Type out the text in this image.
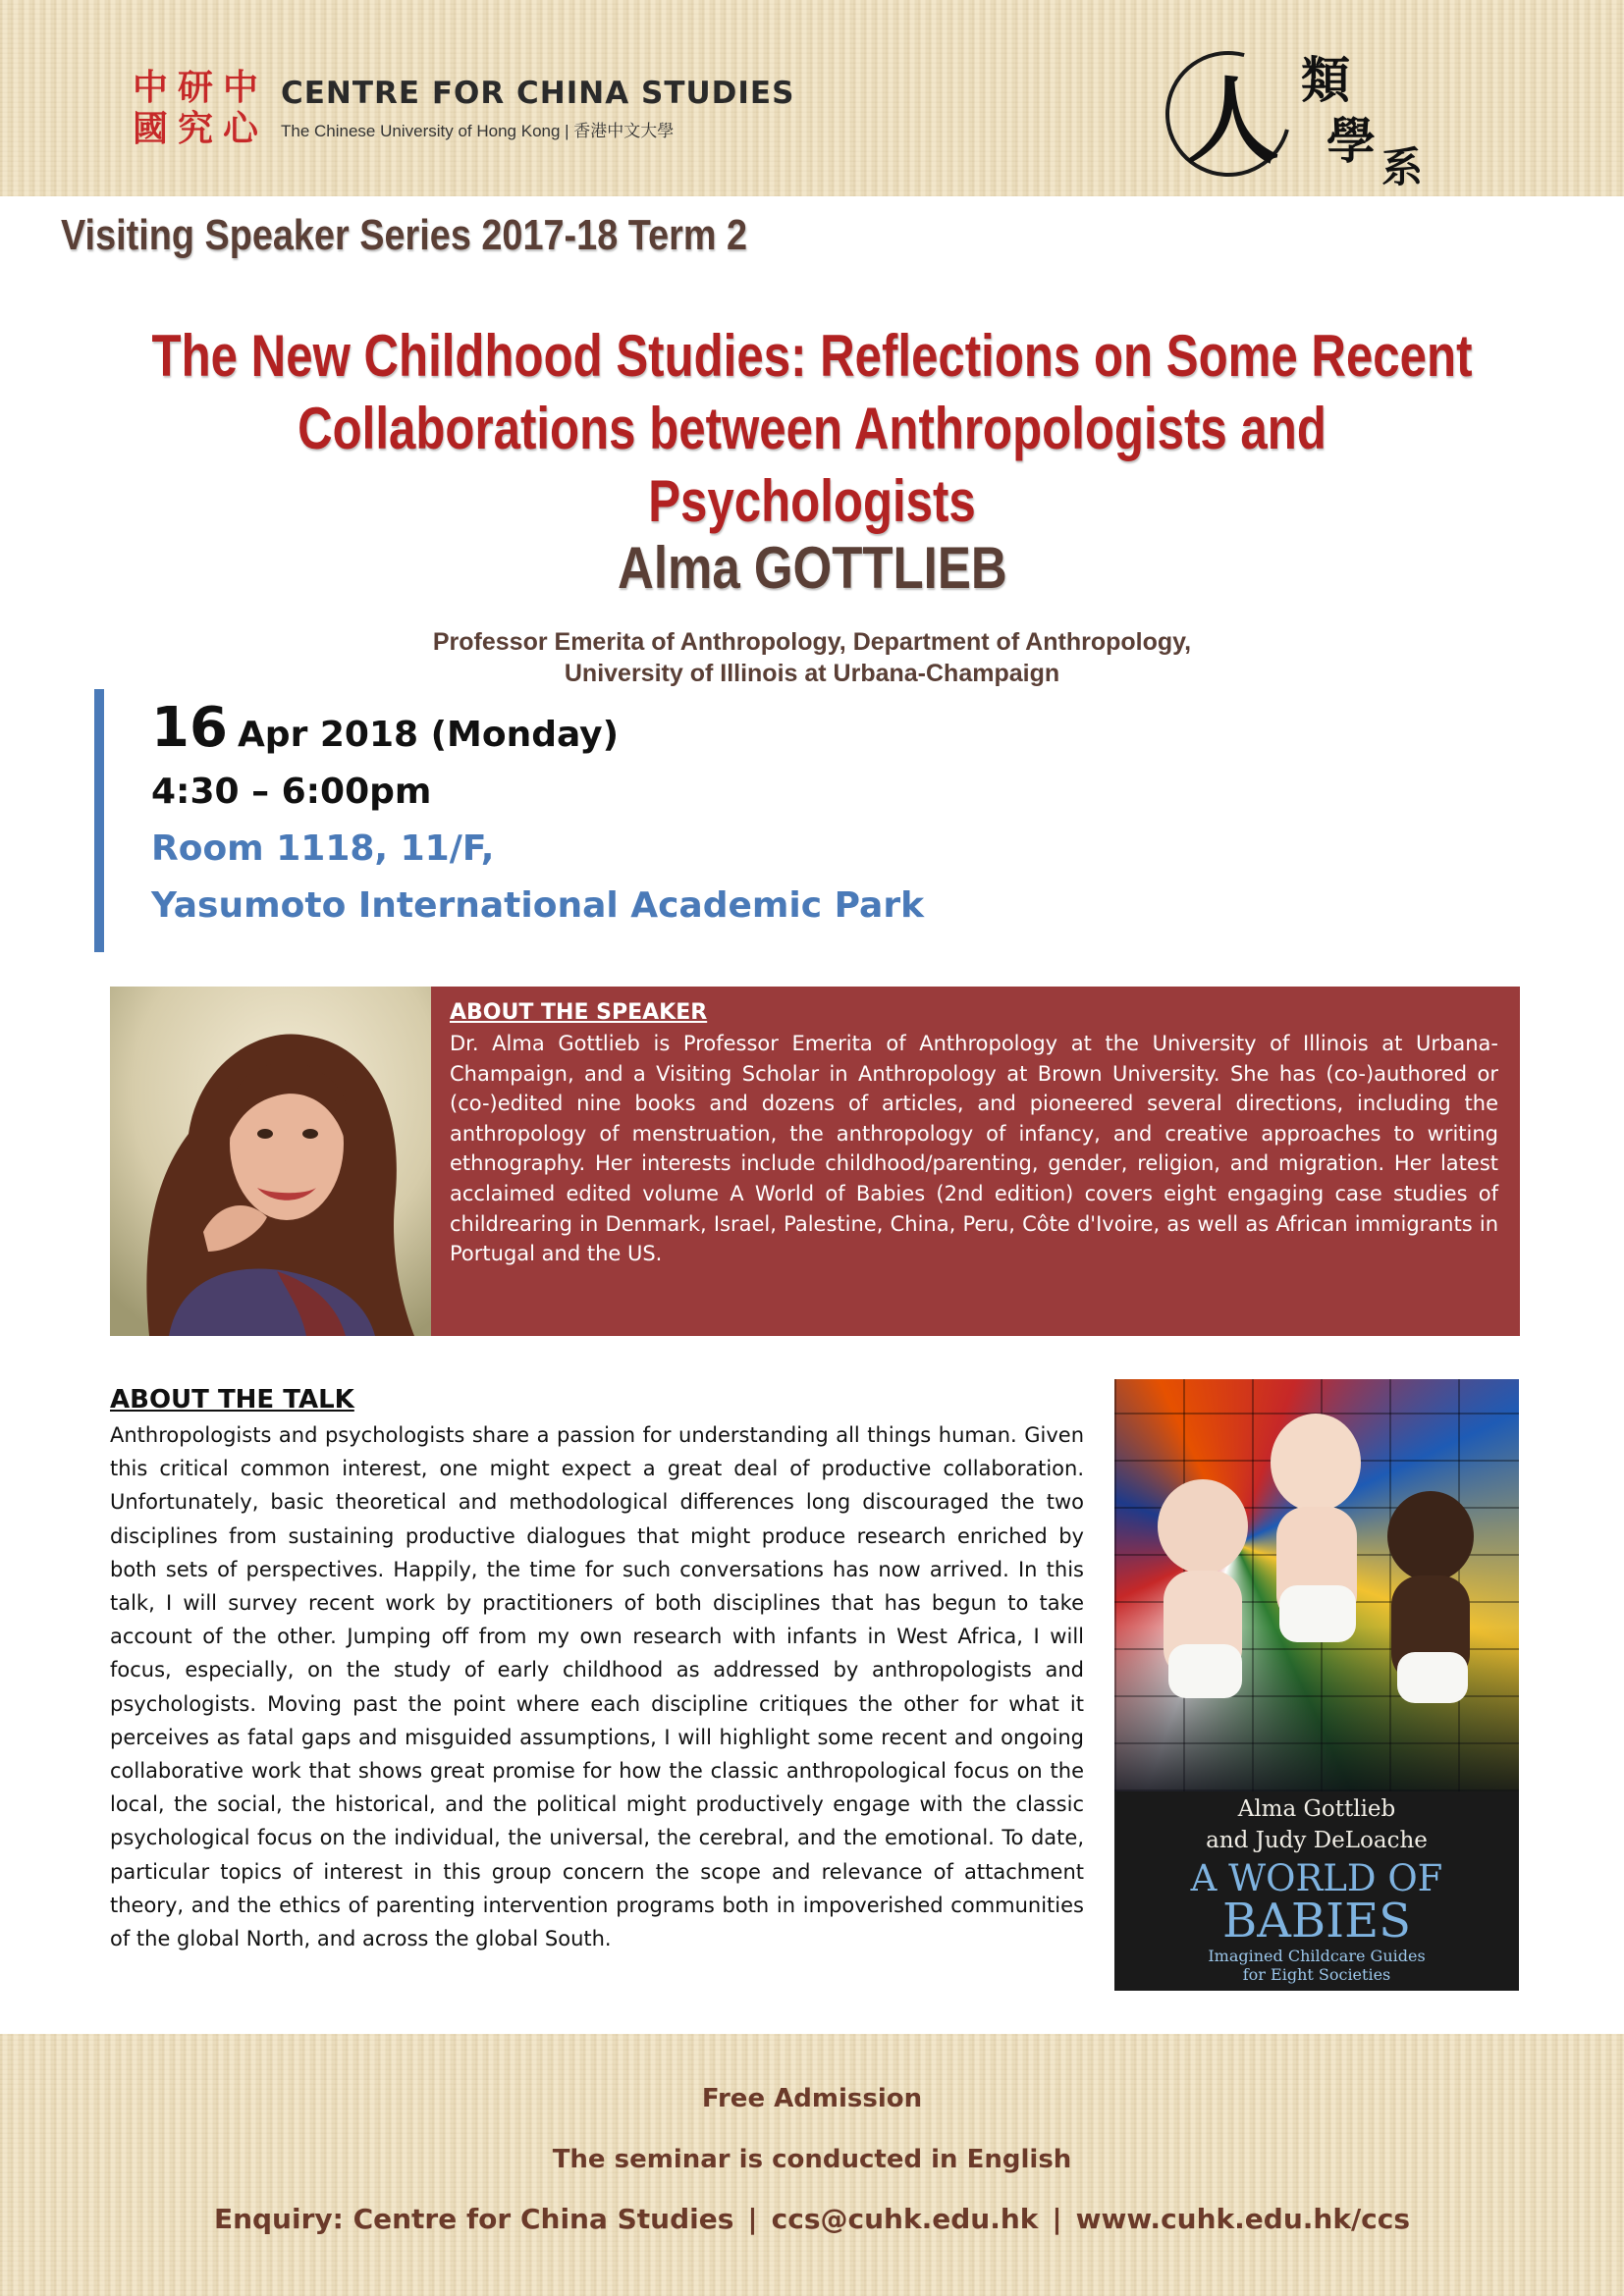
中 研 中
國 究 心
CENTRE FOR CHINA STUDIES
The Chinese University of Hong Kong | 香港中文大學	人 類
學 系
Visiting Speaker Series 2017-18 Term 2
The New Childhood Studies: Reflections on Some Recent
Collaborations between Anthropologists and Psychologists
Alma GOTTLIEB
Professor Emerita of Anthropology, Department of Anthropology,
University of Illinois at Urbana-Champaign
16 Apr 2018 (Monday)
4:30 – 6:00pm
Room 1118, 11/F,
Yasumoto International Academic Park
ABOUT THE SPEAKER
Dr. Alma Gottlieb is Professor Emerita of Anthropology at the University of Illinois at Urbana-Champaign, and a Visiting Scholar in Anthropology at Brown University. She has (co-)authored or (co-)edited nine books and dozens of articles, and pioneered several directions, including the anthropology of menstruation, the anthropology of infancy, and creative approaches to writing ethnography. Her interests include childhood/parenting, gender, religion, and migration. Her latest acclaimed edited volume A World of Babies (2nd edition) covers eight engaging case studies of childrearing in Denmark, Israel, Palestine, China, Peru, Côte d'Ivoire, as well as African immigrants in Portugal and the US.
ABOUT THE TALK
Anthropologists and psychologists share a passion for understanding all things human. Given this critical common interest, one might expect a great deal of productive collaboration. Unfortunately, basic theoretical and methodological differences long discouraged the two disciplines from sustaining productive dialogues that might produce research enriched by both sets of perspectives. Happily, the time for such conversations has now arrived. In this talk, I will survey recent work by practitioners of both disciplines that has begun to take account of the other. Jumping off from my own research with infants in West Africa, I will focus, especially, on the study of early childhood as addressed by anthropologists and psychologists. Moving past the point where each discipline critiques the other for what it perceives as fatal gaps and misguided assumptions, I will highlight some recent and ongoing collaborative work that shows great promise for how the classic anthropological focus on the local, the social, the historical, and the political might productively engage with the classic psychological focus on the individual, the universal, the cerebral, and the emotional. To date, particular topics of interest in this group concern the scope and relevance of attachment theory, and the ethics of parenting intervention programs both in impoverished communities of the global North, and across the global South.
Alma Gottlieb
and Judy DeLoache
A WORLD OF
BABIES
Imagined Childcare Guides
for Eight Societies
Free Admission
The seminar is conducted in English
Enquiry: Centre for China Studies | ccs@cuhk.edu.hk | www.cuhk.edu.hk/ccs
